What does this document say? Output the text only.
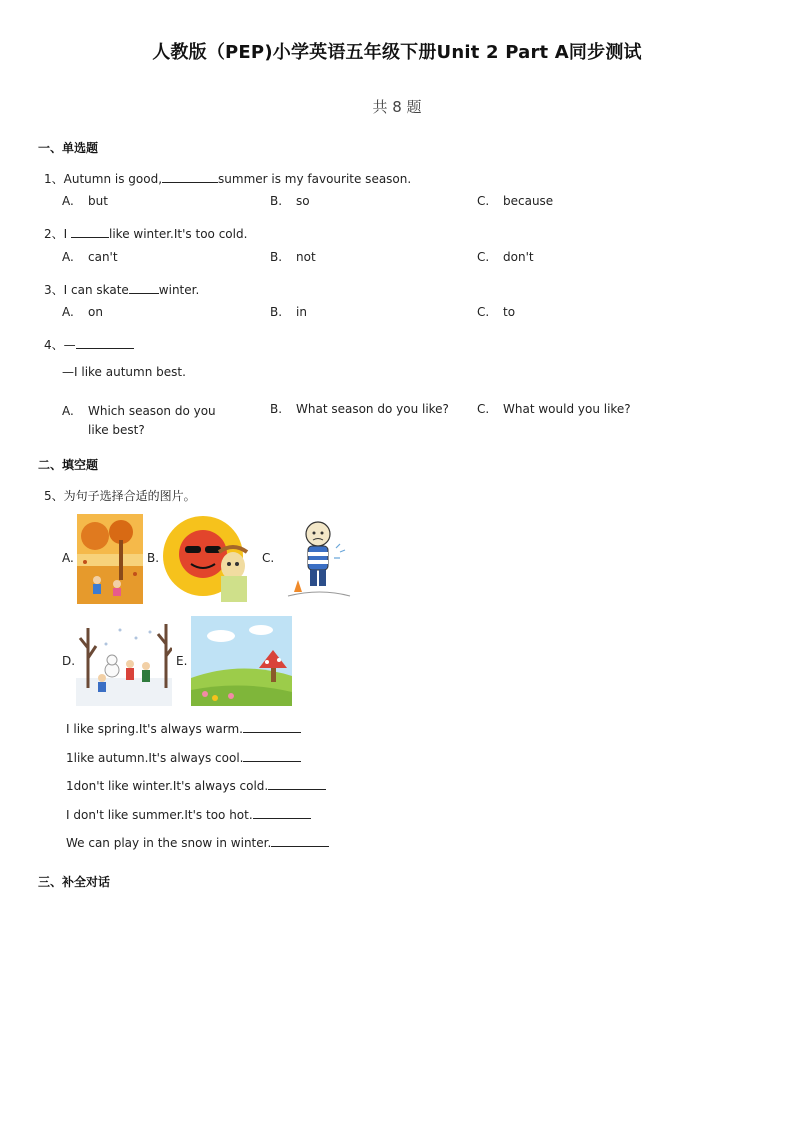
人教版（PEP)小学英语五年级下册Unit 2 Part A同步测试
共 8 题
一、单选题
1、Autumn is good,	summer is my favourite season.
A. but	B. so	C. because
2、I	like winter.It's too cold.
A. can't	B. not	C. don't
3、I can skate	winter.
A. on	B. in	C. to
4、—
—I like autumn best.
A. Which season do you like best?
B. What season do you like? C. What would you like?
二、填空题
5、为句子选择合适的图片。
A.	B.	C.
D.	E.
I like spring.It's always warm.
1like autumn.It's always cool.
1don't like winter.It's always cold.
I don't like summer.It's too hot.
We can play in the snow in winter.
三、补全对话
